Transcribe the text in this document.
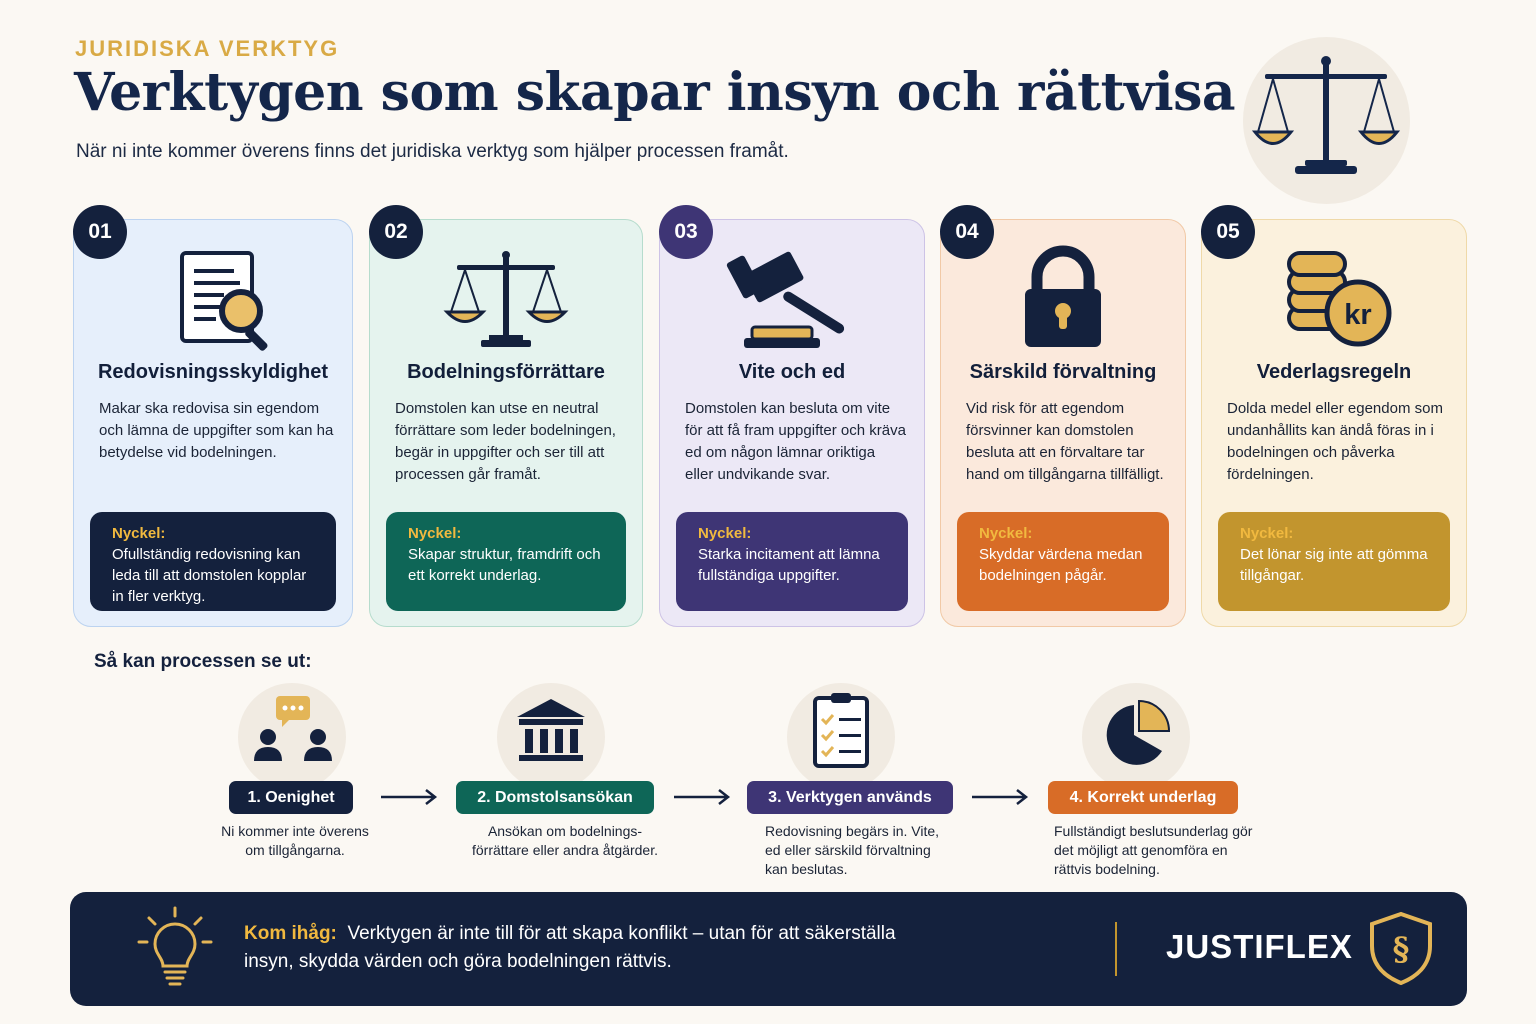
JURIDISKA VERKTYG
Verktygen som skapar insyn och rättvisa

När ni inte kommer överens finns det juridiska verktyg som hjälper processen framåt.

01
Redovisningsskyldighet
Makar ska redovisa sin egendom och lämna de uppgifter som kan ha betydelse vid bodelningen.
Nyckel:
Ofullständig redovisning kan leda till att domstolen kopplar in fler verktyg.
02
Bodelningsförrättare
Domstolen kan utse en neutral förrättare som leder bodelningen, begär in uppgifter och ser till att processen går framåt.
Nyckel:
Skapar struktur, framdrift och ett korrekt underlag.
03
Vite och ed
Domstolen kan besluta om vite för att få fram uppgifter och kräva ed om någon lämnar oriktiga eller undvikande svar.
Nyckel:
Starka incitament att lämna fullständiga uppgifter.
04
Särskild förvaltning
Vid risk för att egendom försvinner kan domstolen besluta att en förvaltare tar hand om tillgångarna tillfälligt.
Nyckel:
Skyddar värdena medan bodelningen pågår.
05
kr
Vederlagsregeln
Dolda medel eller egendom som undanhållits kan ändå föras in i bodelningen och påverka fördelningen.
Nyckel:
Det lönar sig inte att gömma tillgångar.
Så kan processen se ut:
1. Oenighet	2. Domstolsansökan	3. Verktygen används	4. Korrekt underlag
Ni kommer inte överens om tillgångarna.
Ansökan om bodelnings-förrättare eller andra åtgärder.
Redovisning begärs in. Vite, ed eller särskild förvaltning kan beslutas.
Fullständigt beslutsunderlag gör det möjligt att genomföra en rättvis bodelning.
Kom ihåg: Verktygen är inte till för att skapa konflikt – utan för att säkerställa insyn, skydda värden och göra bodelningen rättvis.	JUSTIFLEX §
